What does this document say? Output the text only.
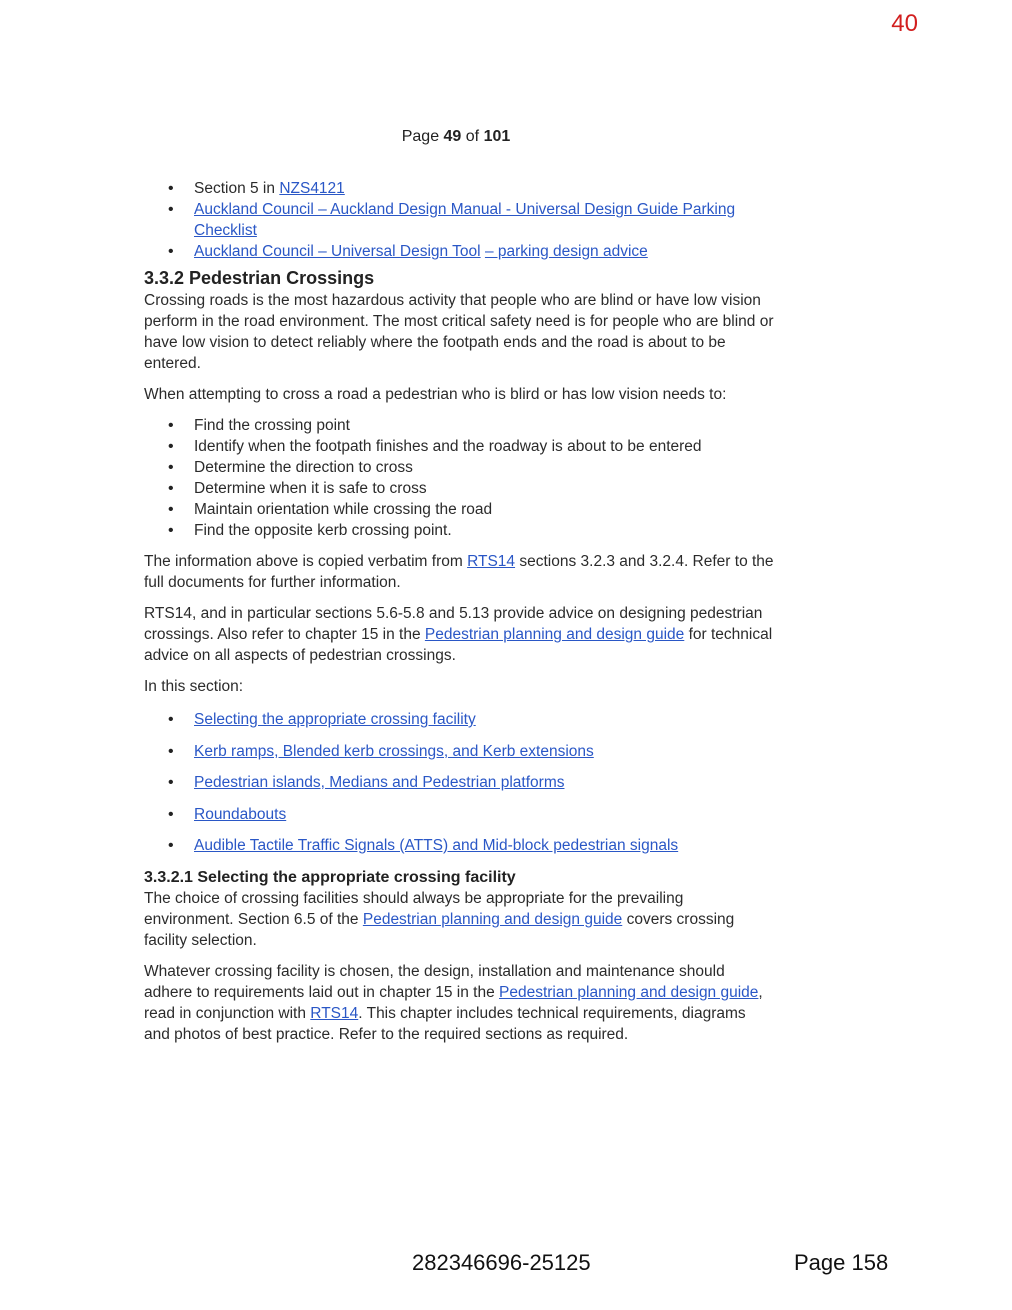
40
Page 49 of 101
• Section 5 in NZS4121
• Auckland Council – Auckland Design Manual - Universal Design Guide Parking Checklist
• Auckland Council – Universal Design Tool – parking design advice
3.3.2 Pedestrian Crossings

Crossing roads is the most hazardous activity that people who are blind or have low vision perform in the road environment. The most critical safety need is for people who are blind or have low vision to detect reliably where the footpath ends and the road is about to be entered.

When attempting to cross a road a pedestrian who is blird or has low vision needs to:

• Find the crossing point
• Identify when the footpath finishes and the roadway is about to be entered
• Determine the direction to cross
• Determine when it is safe to cross
• Maintain orientation while crossing the road
• Find the opposite kerb crossing point.

The information above is copied verbatim from RTS14 sections 3.2.3 and 3.2.4. Refer to the full documents for further information.

RTS14, and in particular sections 5.6-5.8 and 5.13 provide advice on designing pedestrian crossings. Also refer to chapter 15 in the Pedestrian planning and design guide for technical advice on all aspects of pedestrian crossings.

In this section:

• Selecting the appropriate crossing facility
• Kerb ramps, Blended kerb crossings, and Kerb extensions
• Pedestrian islands, Medians and Pedestrian platforms
• Roundabouts
• Audible Tactile Traffic Signals (ATTS) and Mid-block pedestrian signals
3.3.2.1 Selecting the appropriate crossing facility

The choice of crossing facilities should always be appropriate for the prevailing environment. Section 6.5 of the Pedestrian planning and design guide covers crossing facility selection.

Whatever crossing facility is chosen, the design, installation and maintenance should adhere to requirements laid out in chapter 15 in the Pedestrian planning and design guide, read in conjunction with RTS14. This chapter includes technical requirements, diagrams and photos of best practice. Refer to the required sections as required.

282346696-25125	Page 158
